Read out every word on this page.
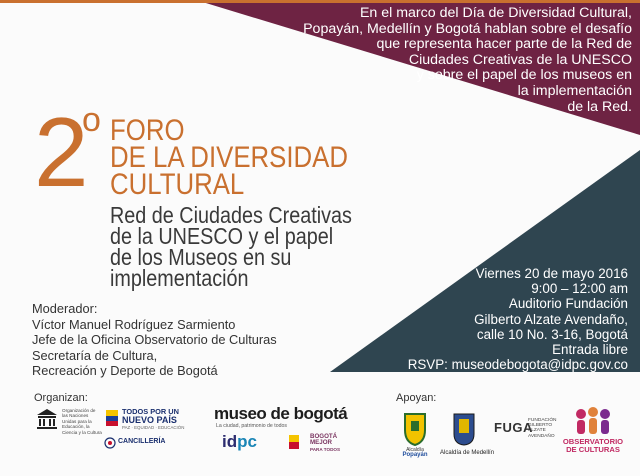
En el marco del Día de Diversidad Cultural,
Popayán, Medellín y Bogotá hablan sobre el desafío
que representa hacer parte de la Red de
Ciudades Creativas de la UNESCO
y sobre el papel de los museos en
la implementación
de la Red.
2
o FORO
DE LA DIVERSIDAD
CULTURAL
Red de Ciudades Creativas
de la UNESCO y el papel
de los Museos en su
implementación	Viernes 20 de mayo 2016
9:00 – 12:00 am
Auditorio Fundación
Gilberto Alzate Avendaño,
calle 10 No. 3-16, Bogotá
Entrada libre
RSVP: museodebogota@idpc.gov.co
Moderador:
Víctor Manuel Rodríguez Sarmiento
Jefe de la Oficina Observatorio de Culturas
Secretaría de Cultura,
Recreación y Deporte de Bogotá
Organizan:	Apoyan:
Organización de las Naciones Unidas para la Educación, la Ciencia y la Cultura
TODOS POR UN
NUEVO PAÍS
PAZ · EQUIDAD · EDUCACIÓN
CANCILLERÍA
museo de bogotá
La ciudad, patrimonio de todos
idpc	BOGOTÁ
MEJOR
PARA TODOS	Alcaldía
Popayán	Alcaldía de Medellín
FUGA
FUNDACIÓN
GILBERTO
ALZATE
AVENDAÑO
OBSERVATORIO
DE CULTURAS
